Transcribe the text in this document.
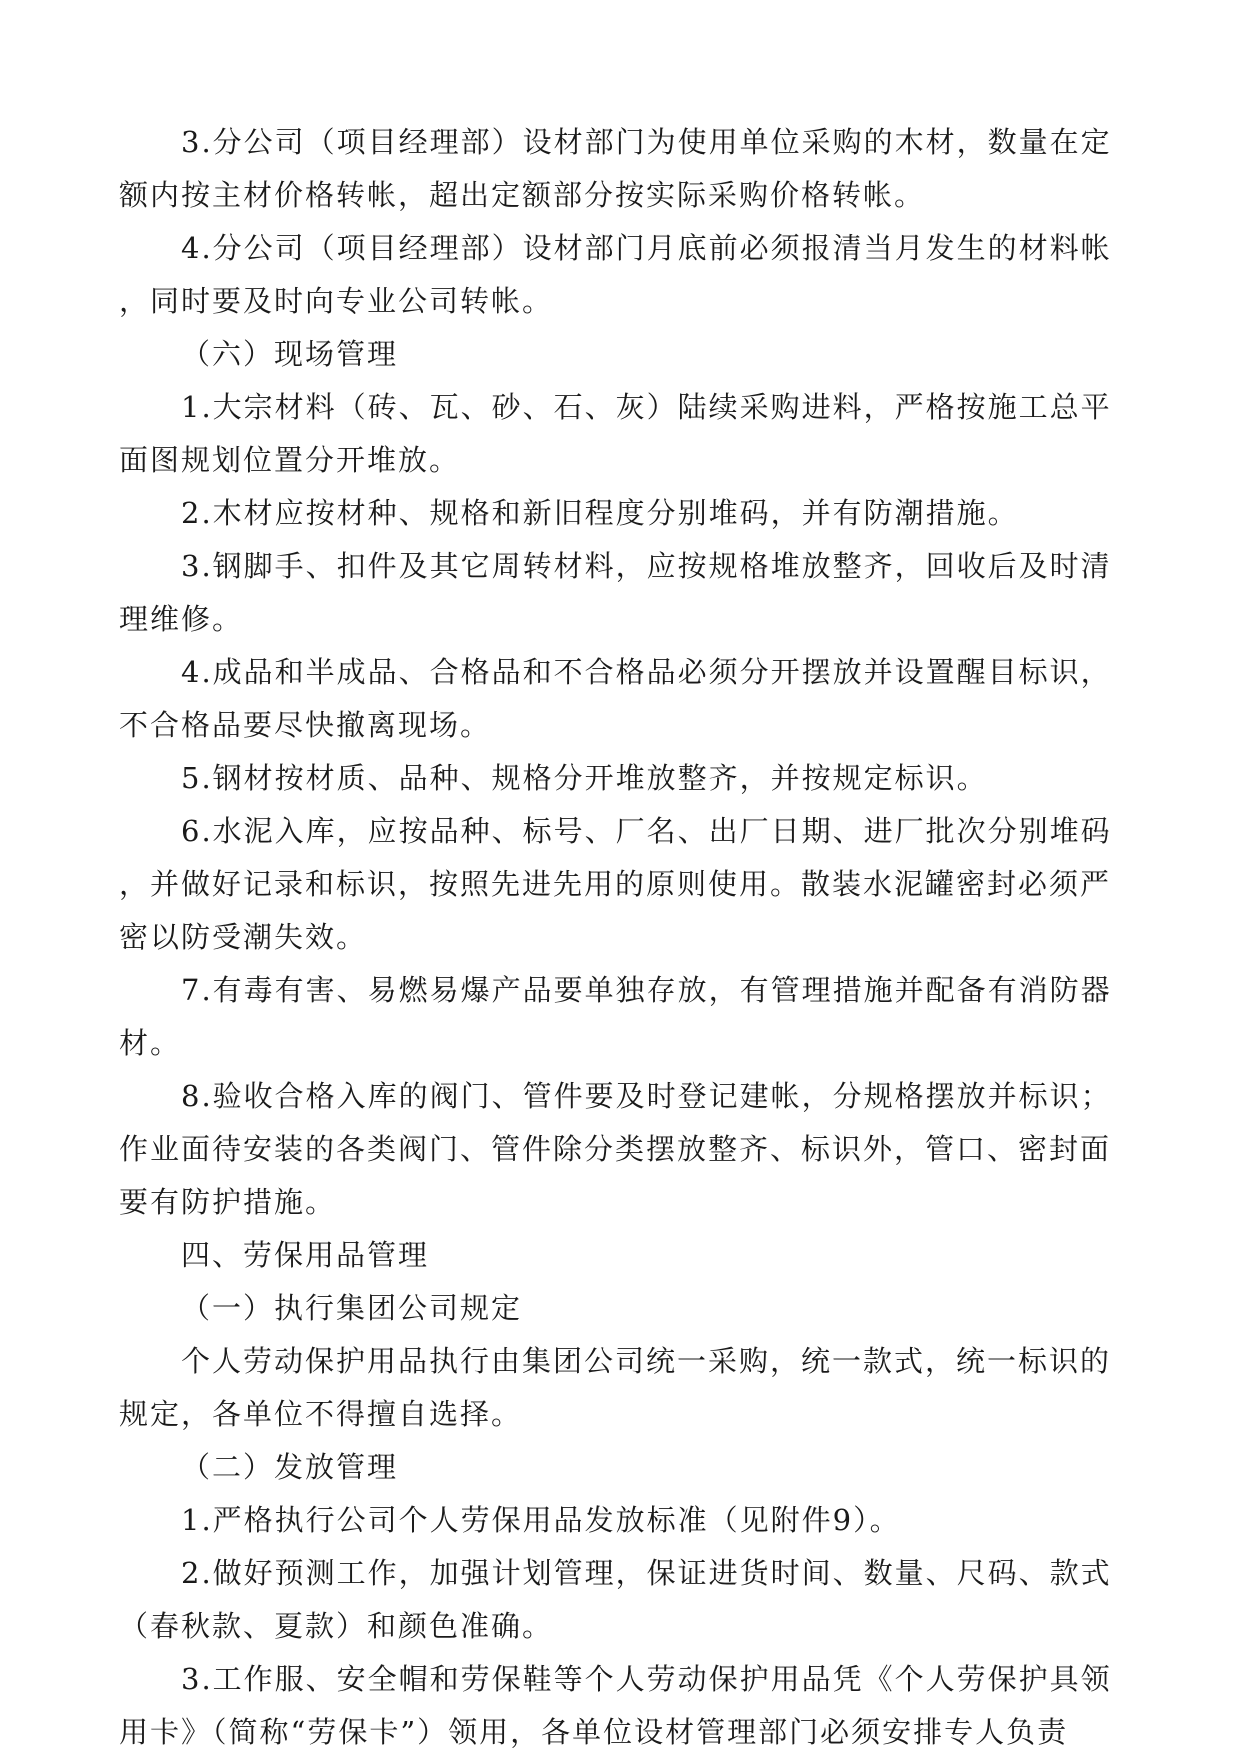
3.分公司（项目经理部）设材部门为使用单位采购的木材，数量在定
额内按主材价格转帐，超出定额部分按实际采购价格转帐。
4.分公司（项目经理部）设材部门月底前必须报清当月发生的材料帐
，同时要及时向专业公司转帐。
（六）现场管理
1.大宗材料（砖、瓦、砂、石、灰）陆续采购进料，严格按施工总平
面图规划位置分开堆放。
2.木材应按材种、规格和新旧程度分别堆码，并有防潮措施。
3.钢脚手、扣件及其它周转材料，应按规格堆放整齐，回收后及时清
理维修。
4.成品和半成品、合格品和不合格品必须分开摆放并设置醒目标识，
不合格品要尽快撤离现场。
5.钢材按材质、品种、规格分开堆放整齐，并按规定标识。
6.水泥入库，应按品种、标号、厂名、出厂日期、进厂批次分别堆码
，并做好记录和标识，按照先进先用的原则使用。散装水泥罐密封必须严
密以防受潮失效。
7.有毒有害、易燃易爆产品要单独存放，有管理措施并配备有消防器
材。
8.验收合格入库的阀门、管件要及时登记建帐，分规格摆放并标识；
作业面待安装的各类阀门、管件除分类摆放整齐、标识外，管口、密封面
要有防护措施。
四、劳保用品管理
（一）执行集团公司规定
个人劳动保护用品执行由集团公司统一采购，统一款式，统一标识的
规定，各单位不得擅自选择。
（二）发放管理
1.严格执行公司个人劳保用品发放标准（见附件9）。
2.做好预测工作，加强计划管理，保证进货时间、数量、尺码、款式
（春秋款、夏款）和颜色准确。
3.工作服、安全帽和劳保鞋等个人劳动保护用品凭《个人劳保护具领
用卡》（简称“劳保卡”）领用，各单位设材管理部门必须安排专人负责
